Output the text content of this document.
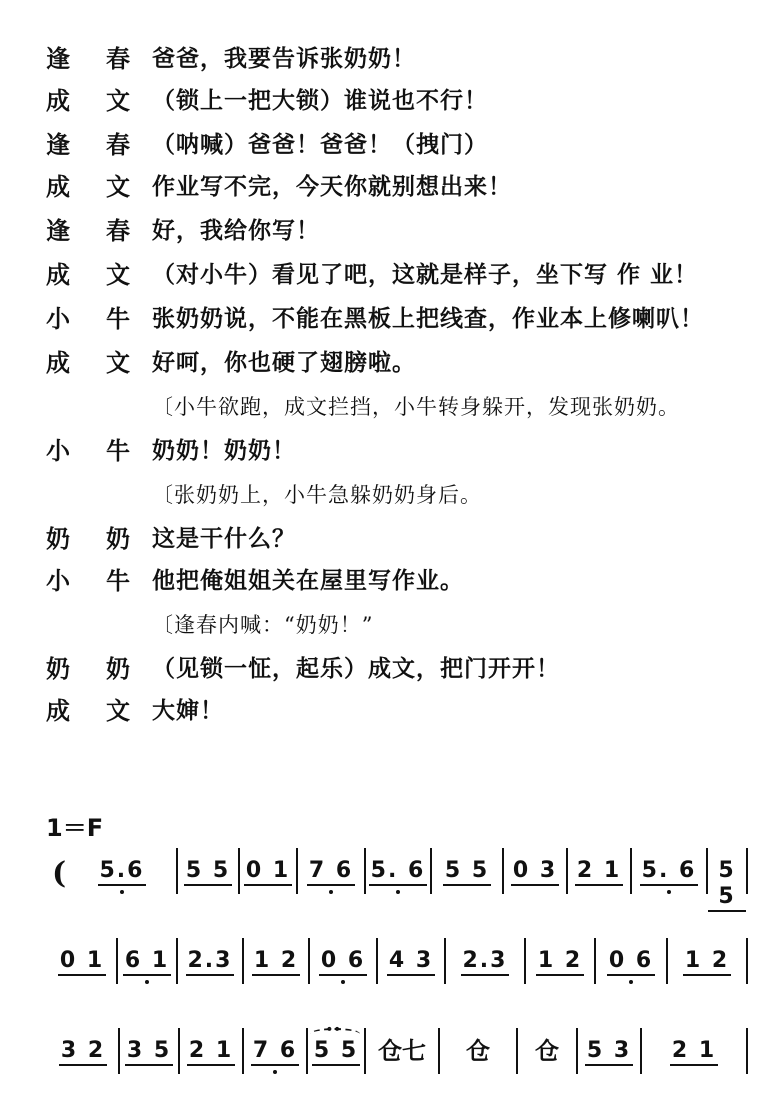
逢 春 爸爸，我要告诉张奶奶！
成 文 （锁上一把大锁）谁说也不行！
逢 春 （呐喊）爸爸！爸爸！（拽门）
成 文 作业写不完，今天你就别想出来！
逢 春 好，我给你写！
成 文 （对小牛）看见了吧，这就是样子，坐下写 作 业！
小 牛 张奶奶说，不能在黑板上把线查，作业本上修喇叭！
成 文 好呵，你也硬了翅膀啦。
〔小牛欲跑，成文拦挡，小牛转身躲开，发现张奶奶。
小 牛 奶奶！奶奶！
〔张奶奶上，小牛急躲奶奶身后。
奶 奶 这是干什么？
小 牛 他把俺姐姐关在屋里写作业。
〔逢春内喊：“奶奶！”
奶 奶 （见锁一怔，起乐）成文，把门开开！
成 文 大婶！
1＝F
(	5.6	5 5 0 1 7 6 5. 6 5 5	0 3 2 1 5. 6	5 5
0 1 6 1 2.3 1 2	0 6	4 3	2.3	1 2	0 6	1 2
3 2 3 5 2 1 7 6 5 5 仓七	仓	仓	5 3	2 1
∘∘
